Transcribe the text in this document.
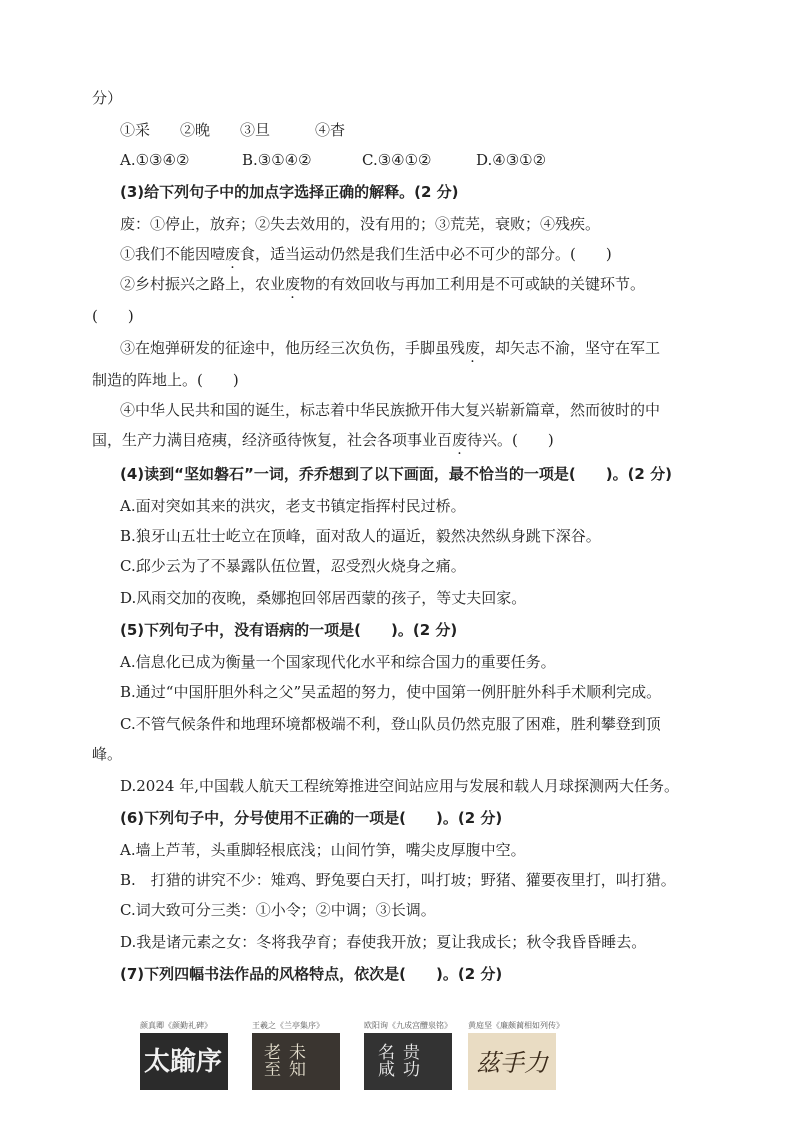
分）
①采　　②晚　　③旦　　　④杳
A.①③④②	B.③①④②	C.③④①②	D.④③①②
(3)给下列句子中的加点字选择正确的解释。(2 分)
废：①停止，放弃；②失去效用的，没有用的；③荒芜，衰败；④残疾。
①我们不能因噎废食，适当运动仍然是我们生活中必不可少的部分。(　　)
②乡村振兴之路上，农业废物的有效回收与再加工利用是不可或缺的关键环节。
(　　)
③在炮弹研发的征途中，他历经三次负伤，手脚虽残废，却矢志不渝，坚守在军工
制造的阵地上。(　　)
④中华人民共和国的诞生，标志着中华民族掀开伟大复兴崭新篇章，然而彼时的中
国，生产力满目疮痍，经济亟待恢复，社会各项事业百废待兴。(　　)
(4)读到“坚如磐石”一词，乔乔想到了以下画面，最不恰当的一项是(　　)。(2 分)
A.面对突如其来的洪灾，老支书镇定指挥村民过桥。
B.狼牙山五壮士屹立在顶峰，面对敌人的逼近，毅然决然纵身跳下深谷。
C.邱少云为了不暴露队伍位置，忍受烈火烧身之痛。
D.风雨交加的夜晚，桑娜抱回邻居西蒙的孩子，等丈夫回家。
(5)下列句子中，没有语病的一项是(　　)。(2 分)
A.信息化已成为衡量一个国家现代化水平和综合国力的重要任务。
B.通过“中国肝胆外科之父”吴孟超的努力，使中国第一例肝脏外科手术顺利完成。
C.不管气候条件和地理环境都极端不利，登山队员仍然克服了困难，胜利攀登到顶
峰。
D.2024 年,中国载人航天工程统筹推进空间站应用与发展和载人月球探测两大任务。
(6)下列句子中，分号使用不正确的一项是(　　)。(2 分)
A.墙上芦苇，头重脚轻根底浅；山间竹笋，嘴尖皮厚腹中空。
B.　打猎的讲究不少：雉鸡、野兔要白天打，叫打坡；野猪、獾要夜里打，叫打猎。
C.词大致可分三类：①小令；②中调；③长调。
D.我是诸元素之女：冬将我孕育；春使我开放；夏让我成长；秋令我昏昏睡去。
(7)下列四幅书法作品的风格特点，依次是(　　)。(2 分)
颜真卿《颜勤礼碑》
太踰序
王羲之《兰亭集序》
未知老至
欧阳询《九成宫醴泉铭》
贵功名咸
黄庭坚《廉颇蔺相如列传》
茲手力
